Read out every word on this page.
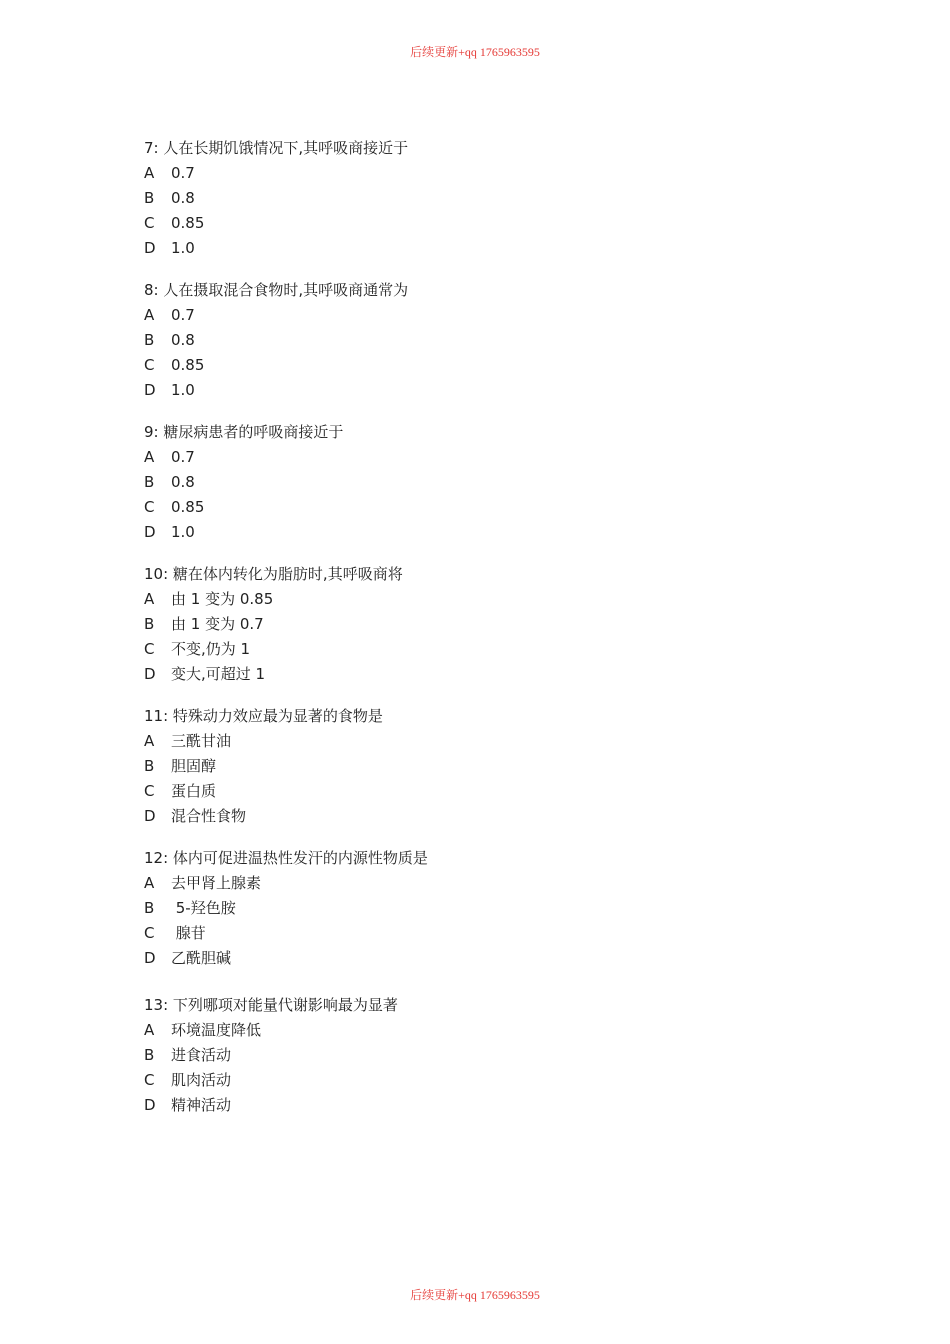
后续更新+qq 1765963595
7: 人在长期饥饿情况下,其呼吸商接近于
A 0.7
B 0.8
C 0.85
D 1.0
8: 人在摄取混合食物时,其呼吸商通常为
A 0.7
B 0.8
C 0.85
D 1.0
9: 糖尿病患者的呼吸商接近于
A 0.7
B 0.8
C 0.85
D 1.0
10: 糖在体内转化为脂肪时,其呼吸商将
A 由 1 变为 0.85
B 由 1 变为 0.7
C 不变,仍为 1
D 变大,可超过 1
11: 特殊动力效应最为显著的食物是
A 三酰甘油
B 胆固醇
C 蛋白质
D 混合性食物
12: 体内可促进温热性发汗的内源性物质是
A 去甲肾上腺素
B 5-羟色胺
C 腺苷
D 乙酰胆碱
13: 下列哪项对能量代谢影响最为显著
A 环境温度降低
B 进食活动
C 肌肉活动
D 精神活动
后续更新+qq 1765963595
